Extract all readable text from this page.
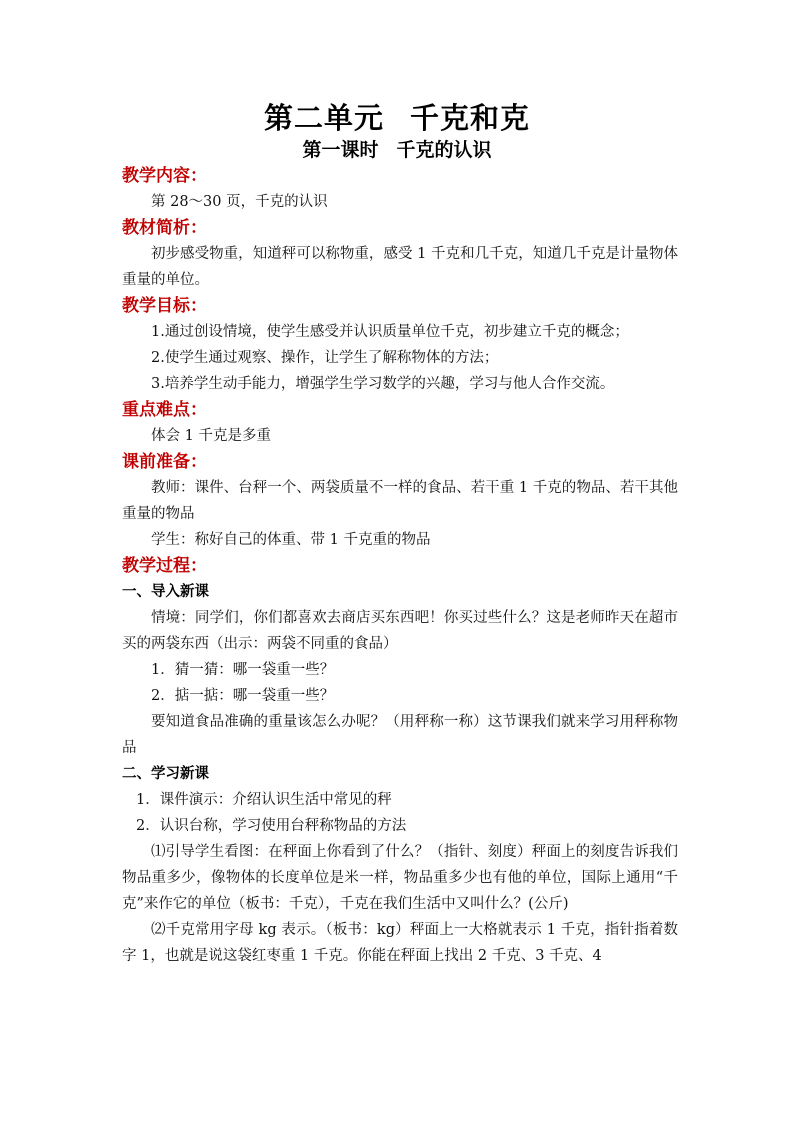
第二单元 千克和克
第一课时 千克的认识
教学内容：
第 28～30 页，千克的认识
教材简析：
初步感受物重，知道秤可以称物重，感受 1 千克和几千克，知道几千克是计量物体重量的单位。
教学目标：
1.通过创设情境，使学生感受并认识质量单位千克，初步建立千克的概念；
2.使学生通过观察、操作，让学生了解称物体的方法；
3.培养学生动手能力，增强学生学习数学的兴趣，学习与他人合作交流。
重点难点：
体会 1 千克是多重
课前准备：
教师：课件、台秤一个、两袋质量不一样的食品、若干重 1 千克的物品、若干其他重量的物品
学生：称好自己的体重、带 1 千克重的物品
教学过程：
一、导入新课
情境：同学们，你们都喜欢去商店买东西吧！你买过些什么？这是老师昨天在超市买的两袋东西（出示：两袋不同重的食品）
1．猜一猜：哪一袋重一些？
2．掂一掂：哪一袋重一些？
要知道食品准确的重量该怎么办呢？（用秤称一称）这节课我们就来学习用秤称物品
二、学习新课
1．课件演示：介绍认识生活中常见的秤
2．认识台称，学习使用台秤称物品的方法
⑴引导学生看图：在秤面上你看到了什么？（指针、刻度）秤面上的刻度告诉我们物品重多少，像物体的长度单位是米一样，物品重多少也有他的单位，国际上通用“千克”来作它的单位（板书：千克），千克在我们生活中又叫什么？(公斤)
⑵千克常用字母 kg 表示。（板书：kg）秤面上一大格就表示 1 千克，指针指着数字 1，也就是说这袋红枣重 1 千克。你能在秤面上找出 2 千克、3 千克、4
